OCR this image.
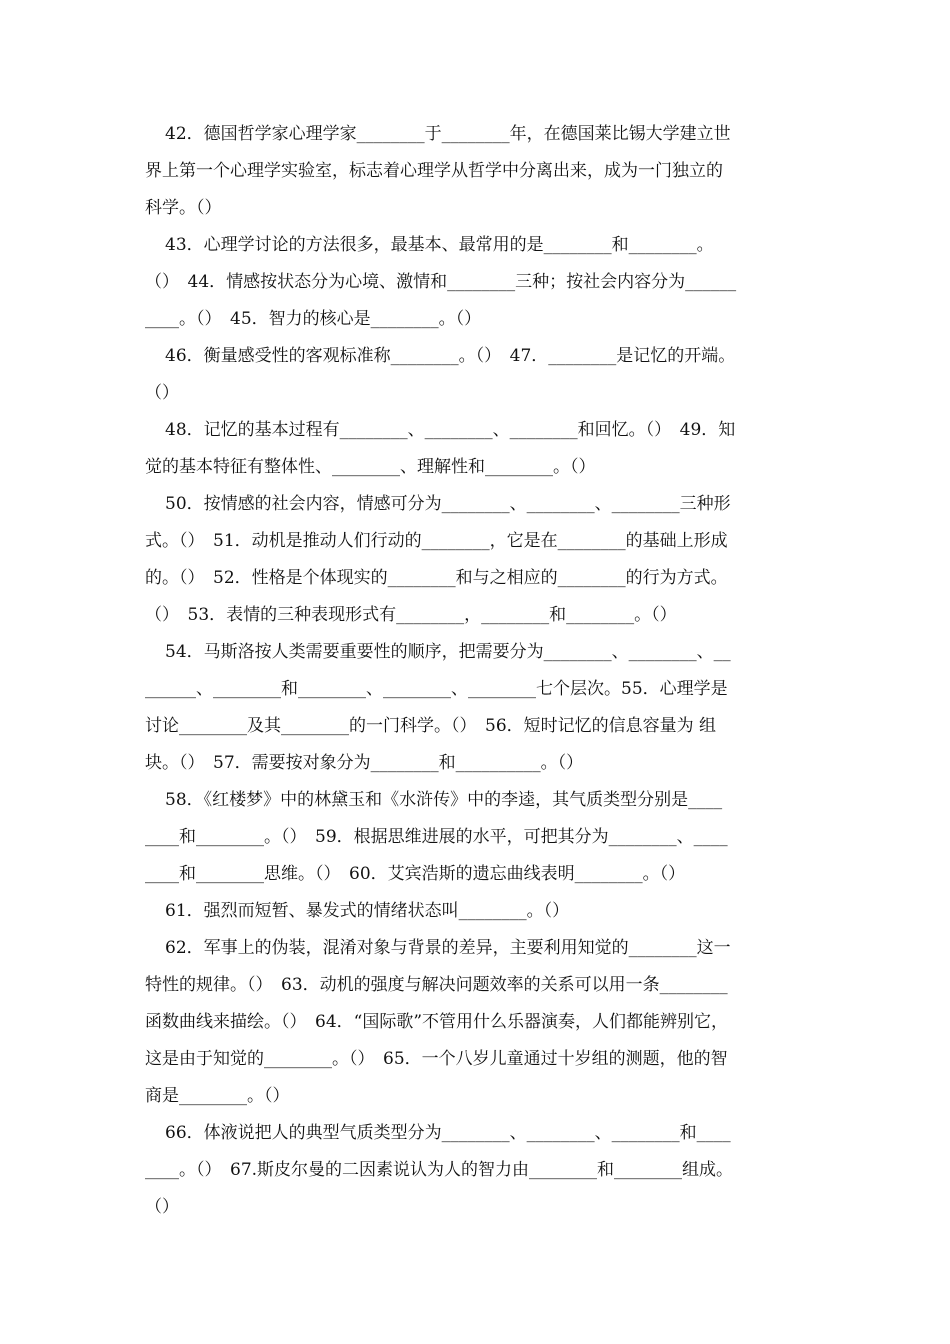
42．德国哲学家心理学家________于________年，在德国莱比锡大学建立世
界上第一个心理学实验室，标志着心理学从哲学中分离出来，成为一门独立的
科学。（）
43．心理学讨论的方法很多，最基本、最常用的是________和________。
（）　44．情感按状态分为心境、激情和________三种；按社会内容分为______
____。（）　45．智力的核心是________。（）
46．衡量感受性的客观标准称________。（）　47．________是记忆的开端。
（）
48．记忆的基本过程有________、________、________和回忆。（）　49．知
觉的基本特征有整体性、________、理解性和________。（）
50．按情感的社会内容，情感可分为________、________、________三种形
式。（）　51．动机是推动人们行动的________，它是在________的基础上形成
的。（）　52．性格是个体现实的________和与之相应的________的行为方式。
（）　53．表情的三种表现形式有________，________和________。（）
54．马斯洛按人类需要重要性的顺序，把需要分为________、________、__
______、________和________、________、________七个层次。55．心理学是
讨论________及其________的一门科学。（）　56．短时记忆的信息容量为 组
块。（）　57．需要按对象分为________和__________。（）
58．《红楼梦》中的林黛玉和《水浒传》中的李逵，其气质类型分别是____
____和________。（）　59．根据思维进展的水平，可把其分为________、____
____和________思维。（）　60．艾宾浩斯的遗忘曲线表明________。（）
61．强烈而短暂、暴发式的情绪状态叫________。（）
62．军事上的伪装，混淆对象与背景的差异，主要利用知觉的________这一
特性的规律。（）　63．动机的强度与解决问题效率的关系可以用一条________
函数曲线来描绘。（）　64．“国际歌”不管用什么乐器演奏，人们都能辨别它，
这是由于知觉的________。（）　65．一个八岁儿童通过十岁组的测题，他的智
商是________。（）
66．体液说把人的典型气质类型分为________、________、________和____
____。（）　67.斯皮尔曼的二因素说认为人的智力由________和________组成。
（）
